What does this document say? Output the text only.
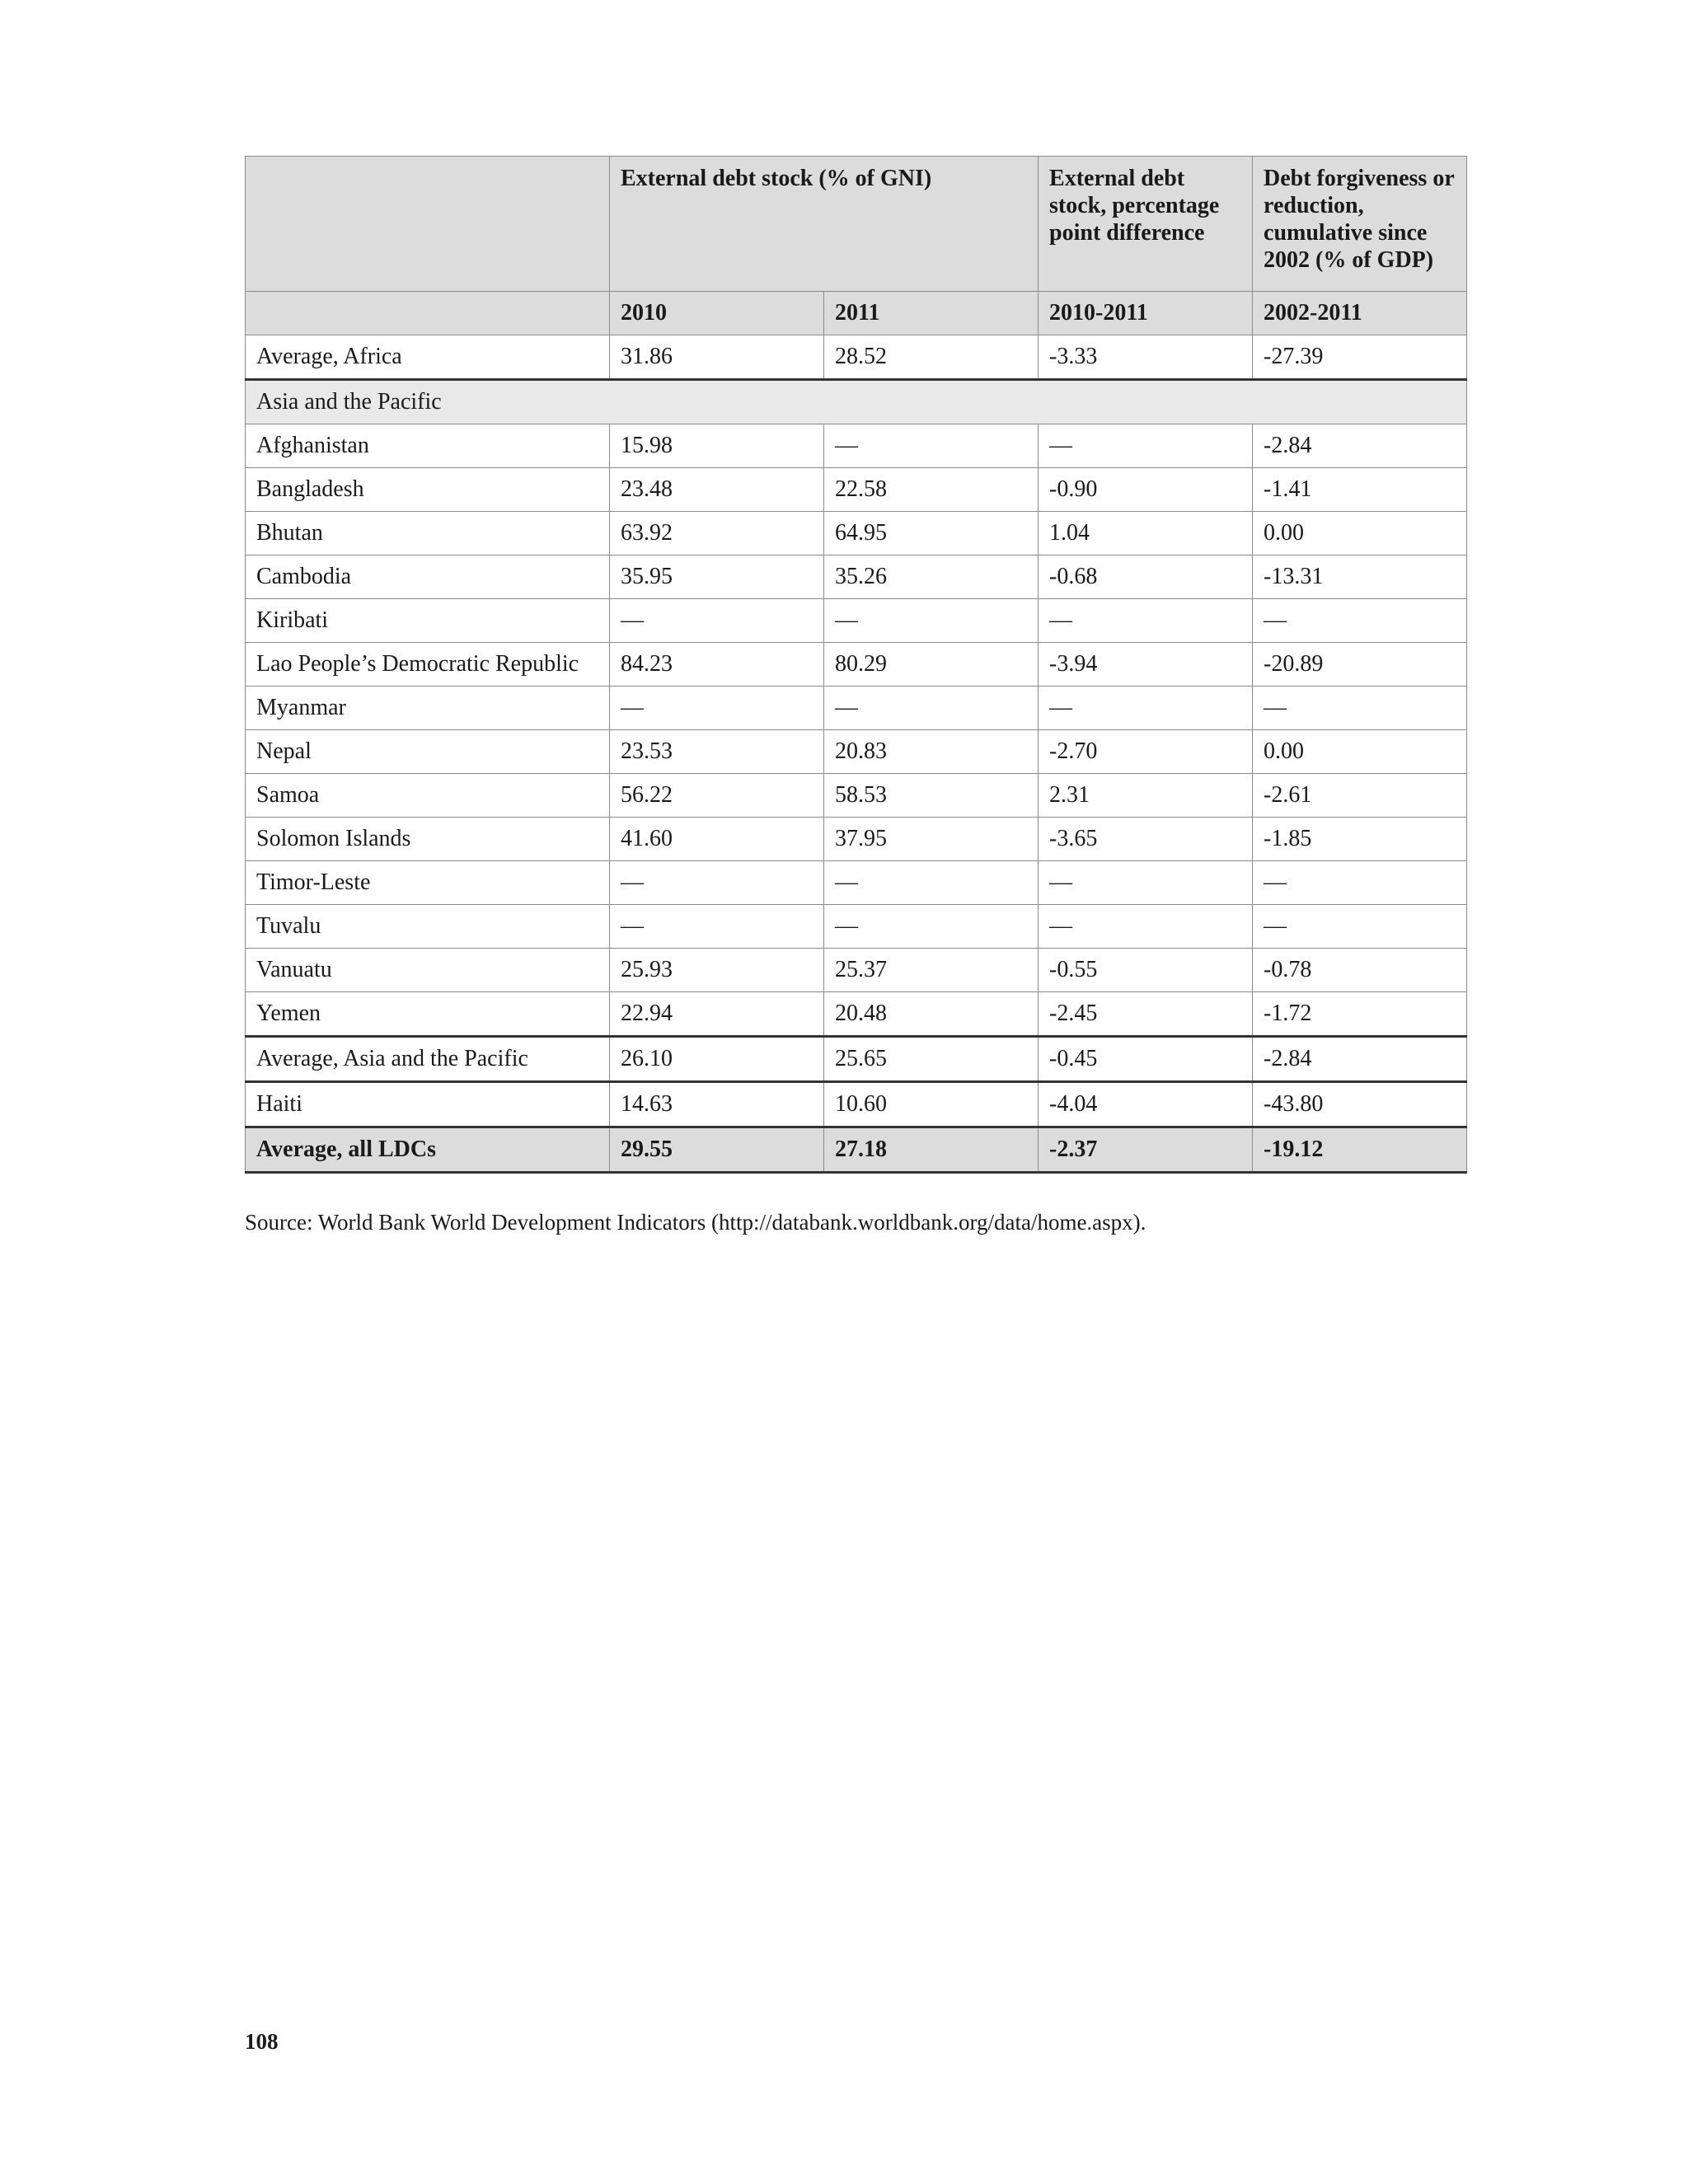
	External debt stock (% of GNI)		External debt stock, percentage point difference	Debt forgiveness or reduction, cumulative since 2002 (% of GDP)
	2010	2011	2010-2011	2002-2011
Average, Africa	31.86	28.52	-3.33	-27.39
Asia and the Pacific				
Afghanistan	15.98	—	—	-2.84
Bangladesh	23.48	22.58	-0.90	-1.41
Bhutan	63.92	64.95	1.04	0.00
Cambodia	35.95	35.26	-0.68	-13.31
Kiribati	—	—	—	—
Lao People’s Democratic Republic	84.23	80.29	-3.94	-20.89
Myanmar	—	—	—	—
Nepal	23.53	20.83	-2.70	0.00
Samoa	56.22	58.53	2.31	-2.61
Solomon Islands	41.60	37.95	-3.65	-1.85
Timor-Leste	—	—	—	—
Tuvalu	—	—	—	—
Vanuatu	25.93	25.37	-0.55	-0.78
Yemen	22.94	20.48	-2.45	-1.72
Average, Asia and the Pacific	26.10	25.65	-0.45	-2.84
Haiti	14.63	10.60	-4.04	-43.80
Average, all LDCs	29.55	27.18	-2.37	-19.12

Source: World Bank World Development Indicators (http://databank.worldbank.org/data/home.aspx).

108
